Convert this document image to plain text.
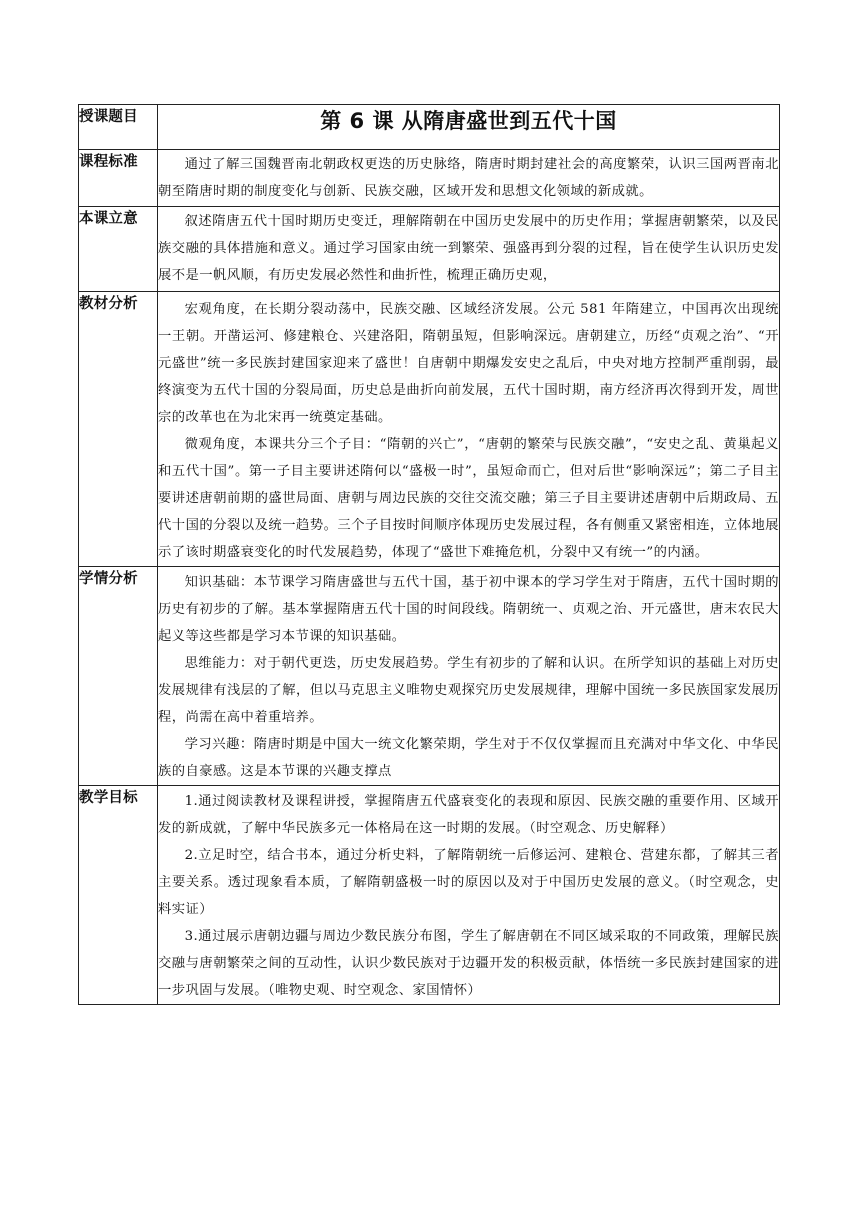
授课题目	第 6 课 从隋唐盛世到五代十国
课程标准	通过了解三国魏晋南北朝政权更迭的历史脉络，隋唐时期封建社会的高度繁荣，认识三国两晋南北朝至隋唐时期的制度变化与创新、民族交融，区域开发和思想文化领域的新成就。

本课立意	叙述隋唐五代十国时期历史变迁，理解隋朝在中国历史发展中的历史作用；掌握唐朝繁荣，以及民族交融的具体措施和意义。通过学习国家由统一到繁荣、强盛再到分裂的过程，旨在使学生认识历史发展不是一帆风顺，有历史发展必然性和曲折性，梳理正确历史观，

教材分析	宏观角度，在长期分裂动荡中，民族交融、区域经济发展。公元 581 年隋建立，中国再次出现统一王朝。开凿运河、修建粮仓、兴建洛阳，隋朝虽短，但影响深远。唐朝建立，历经“贞观之治”、“开元盛世”统一多民族封建国家迎来了盛世！自唐朝中期爆发安史之乱后，中央对地方控制严重削弱，最终演变为五代十国的分裂局面，历史总是曲折向前发展，五代十国时期，南方经济再次得到开发，周世宗的改革也在为北宋再一统奠定基础。

微观角度，本课共分三个子目：“隋朝的兴亡”，“唐朝的繁荣与民族交融”，“安史之乱、黄巢起义和五代十国”。第一子目主要讲述隋何以“盛极一时”，虽短命而亡，但对后世“影响深远”；第二子目主要讲述唐朝前期的盛世局面、唐朝与周边民族的交往交流交融；第三子目主要讲述唐朝中后期政局、五代十国的分裂以及统一趋势。三个子目按时间顺序体现历史发展过程，各有侧重又紧密相连，立体地展示了该时期盛衰变化的时代发展趋势，体现了“盛世下难掩危机，分裂中又有统一”的内涵。

学情分析	知识基础：本节课学习隋唐盛世与五代十国，基于初中课本的学习学生对于隋唐，五代十国时期的历史有初步的了解。基本掌握隋唐五代十国的时间段线。隋朝统一、贞观之治、开元盛世，唐末农民大起义等这些都是学习本节课的知识基础。

思维能力：对于朝代更迭，历史发展趋势。学生有初步的了解和认识。在所学知识的基础上对历史发展规律有浅层的了解，但以马克思主义唯物史观探究历史发展规律，理解中国统一多民族国家发展历程，尚需在高中着重培养。

学习兴趣：隋唐时期是中国大一统文化繁荣期，学生对于不仅仅掌握而且充满对中华文化、中华民族的自豪感。这是本节课的兴趣支撑点

教学目标	1.通过阅读教材及课程讲授，掌握隋唐五代盛衰变化的表现和原因、民族交融的重要作用、区域开发的新成就，了解中华民族多元一体格局在这一时期的发展。（时空观念、历史解释）

2.立足时空，结合书本，通过分析史料，了解隋朝统一后修运河、建粮仓、营建东都，了解其三者主要关系。透过现象看本质，了解隋朝盛极一时的原因以及对于中国历史发展的意义。（时空观念，史料实证）

3.通过展示唐朝边疆与周边少数民族分布图，学生了解唐朝在不同区域采取的不同政策，理解民族交融与唐朝繁荣之间的互动性，认识少数民族对于边疆开发的积极贡献，体悟统一多民族封建国家的进一步巩固与发展。（唯物史观、时空观念、家国情怀）
